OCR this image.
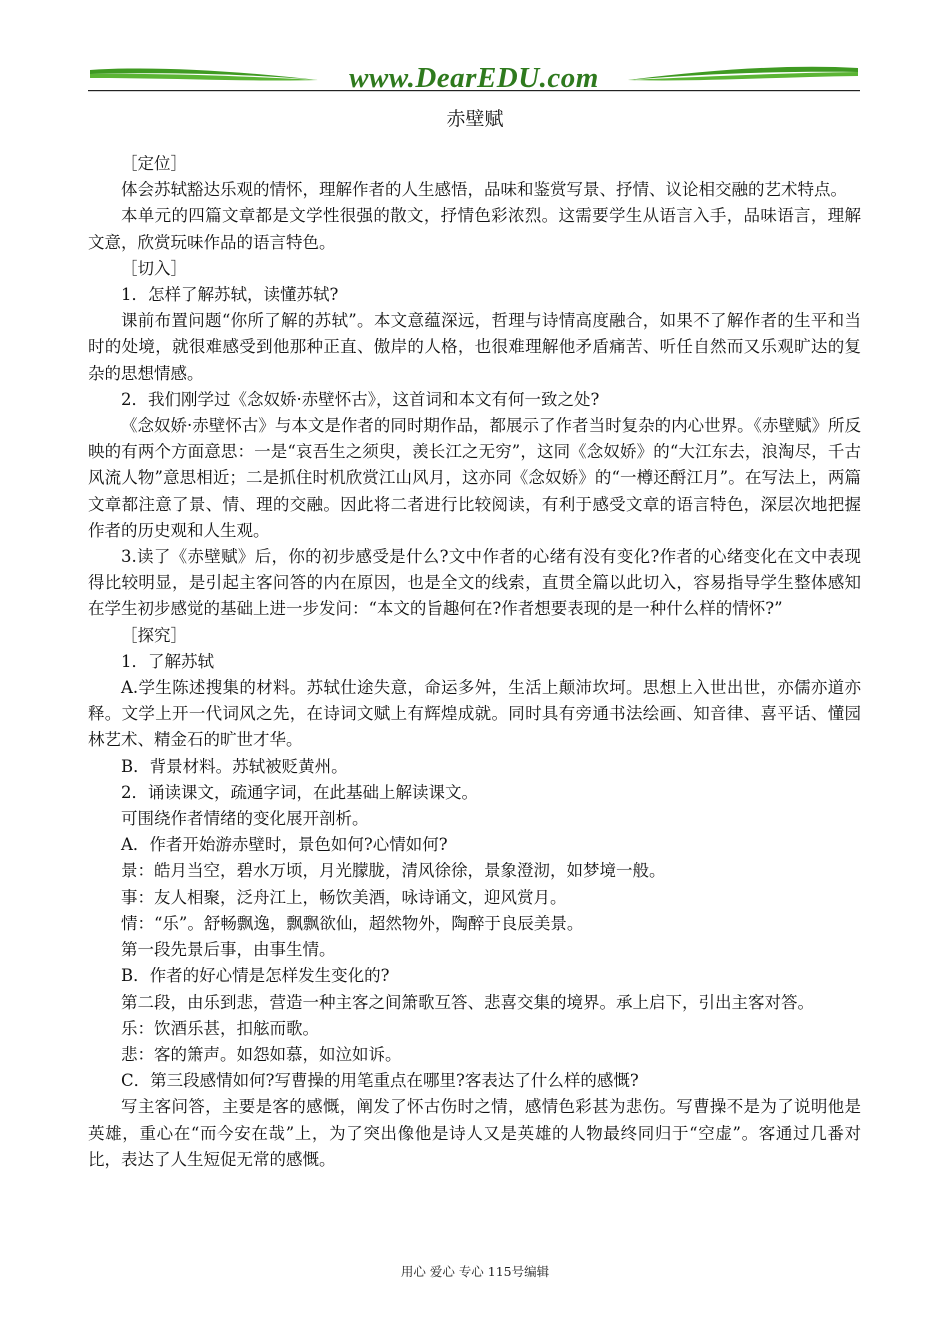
www.DearEDU.com
赤壁赋

［定位］

体会苏轼豁达乐观的情怀，理解作者的人生感悟，品味和鉴赏写景、抒情、议论相交融的艺术特点。

本单元的四篇文章都是文学性很强的散文，抒情色彩浓烈。这需要学生从语言入手，品味语言，理解文意，欣赏玩味作品的语言特色。

［切入］

1．怎样了解苏轼，读懂苏轼?

课前布置问题“你所了解的苏轼”。本文意蕴深远，哲理与诗情高度融合，如果不了解作者的生平和当时的处境，就很难感受到他那种正直、傲岸的人格，也很难理解他矛盾痛苦、听任自然而又乐观旷达的复杂的思想情感。

2．我们刚学过《念奴娇·赤壁怀古》，这首词和本文有何一致之处?

《念奴娇·赤壁怀古》与本文是作者的同时期作品，都展示了作者当时复杂的内心世界。《赤壁赋》所反映的有两个方面意思：一是“哀吾生之须臾，羡长江之无穷”，这同《念奴娇》的“大江东去，浪淘尽，千古风流人物”意思相近；二是抓住时机欣赏江山风月，这亦同《念奴娇》的“一樽还酹江月”。在写法上，两篇文章都注意了景、情、理的交融。因此将二者进行比较阅读，有利于感受文章的语言特色，深层次地把握作者的历史观和人生观。

3.读了《赤壁赋》后，你的初步感受是什么?文中作者的心绪有没有变化?作者的心绪变化在文中表现得比较明显，是引起主客问答的内在原因，也是全文的线索，直贯全篇以此切入，容易指导学生整体感知在学生初步感觉的基础上进一步发问：“本文的旨趣何在?作者想要表现的是一种什么样的情怀?”

［探究］

1．了解苏轼

A.学生陈述搜集的材料。苏轼仕途失意，命运多舛，生活上颠沛坎坷。思想上入世出世，亦儒亦道亦释。文学上开一代词风之先，在诗词文赋上有辉煌成就。同时具有旁通书法绘画、知音律、喜平话、懂园林艺术、精金石的旷世才华。

B．背景材料。苏轼被贬黄州。

2．诵读课文，疏通字词，在此基础上解读课文。

可围绕作者情绪的变化展开剖析。

A．作者开始游赤壁时，景色如何?心情如何?

景：皓月当空，碧水万顷，月光朦胧，清风徐徐，景象澄沏，如梦境一般。

事：友人相聚，泛舟江上，畅饮美酒，咏诗诵文，迎风赏月。

情：“乐”。舒畅飘逸，飘飘欲仙，超然物外，陶醉于良辰美景。

第一段先景后事，由事生情。

B．作者的好心情是怎样发生变化的?

第二段，由乐到悲，营造一种主客之间箫歌互答、悲喜交集的境界。承上启下，引出主客对答。

乐：饮酒乐甚，扣舷而歌。

悲：客的箫声。如怨如慕，如泣如诉。

C．第三段感情如何?写曹操的用笔重点在哪里?客表达了什么样的感慨?

写主客问答，主要是客的感慨，阐发了怀古伤时之情，感情色彩甚为悲伤。写曹操不是为了说明他是英雄，重心在“而今安在哉”上，为了突出像他是诗人又是英雄的人物最终同归于“空虚”。客通过几番对比，表达了人生短促无常的感慨。

用心 爱心 专心 115号编辑
